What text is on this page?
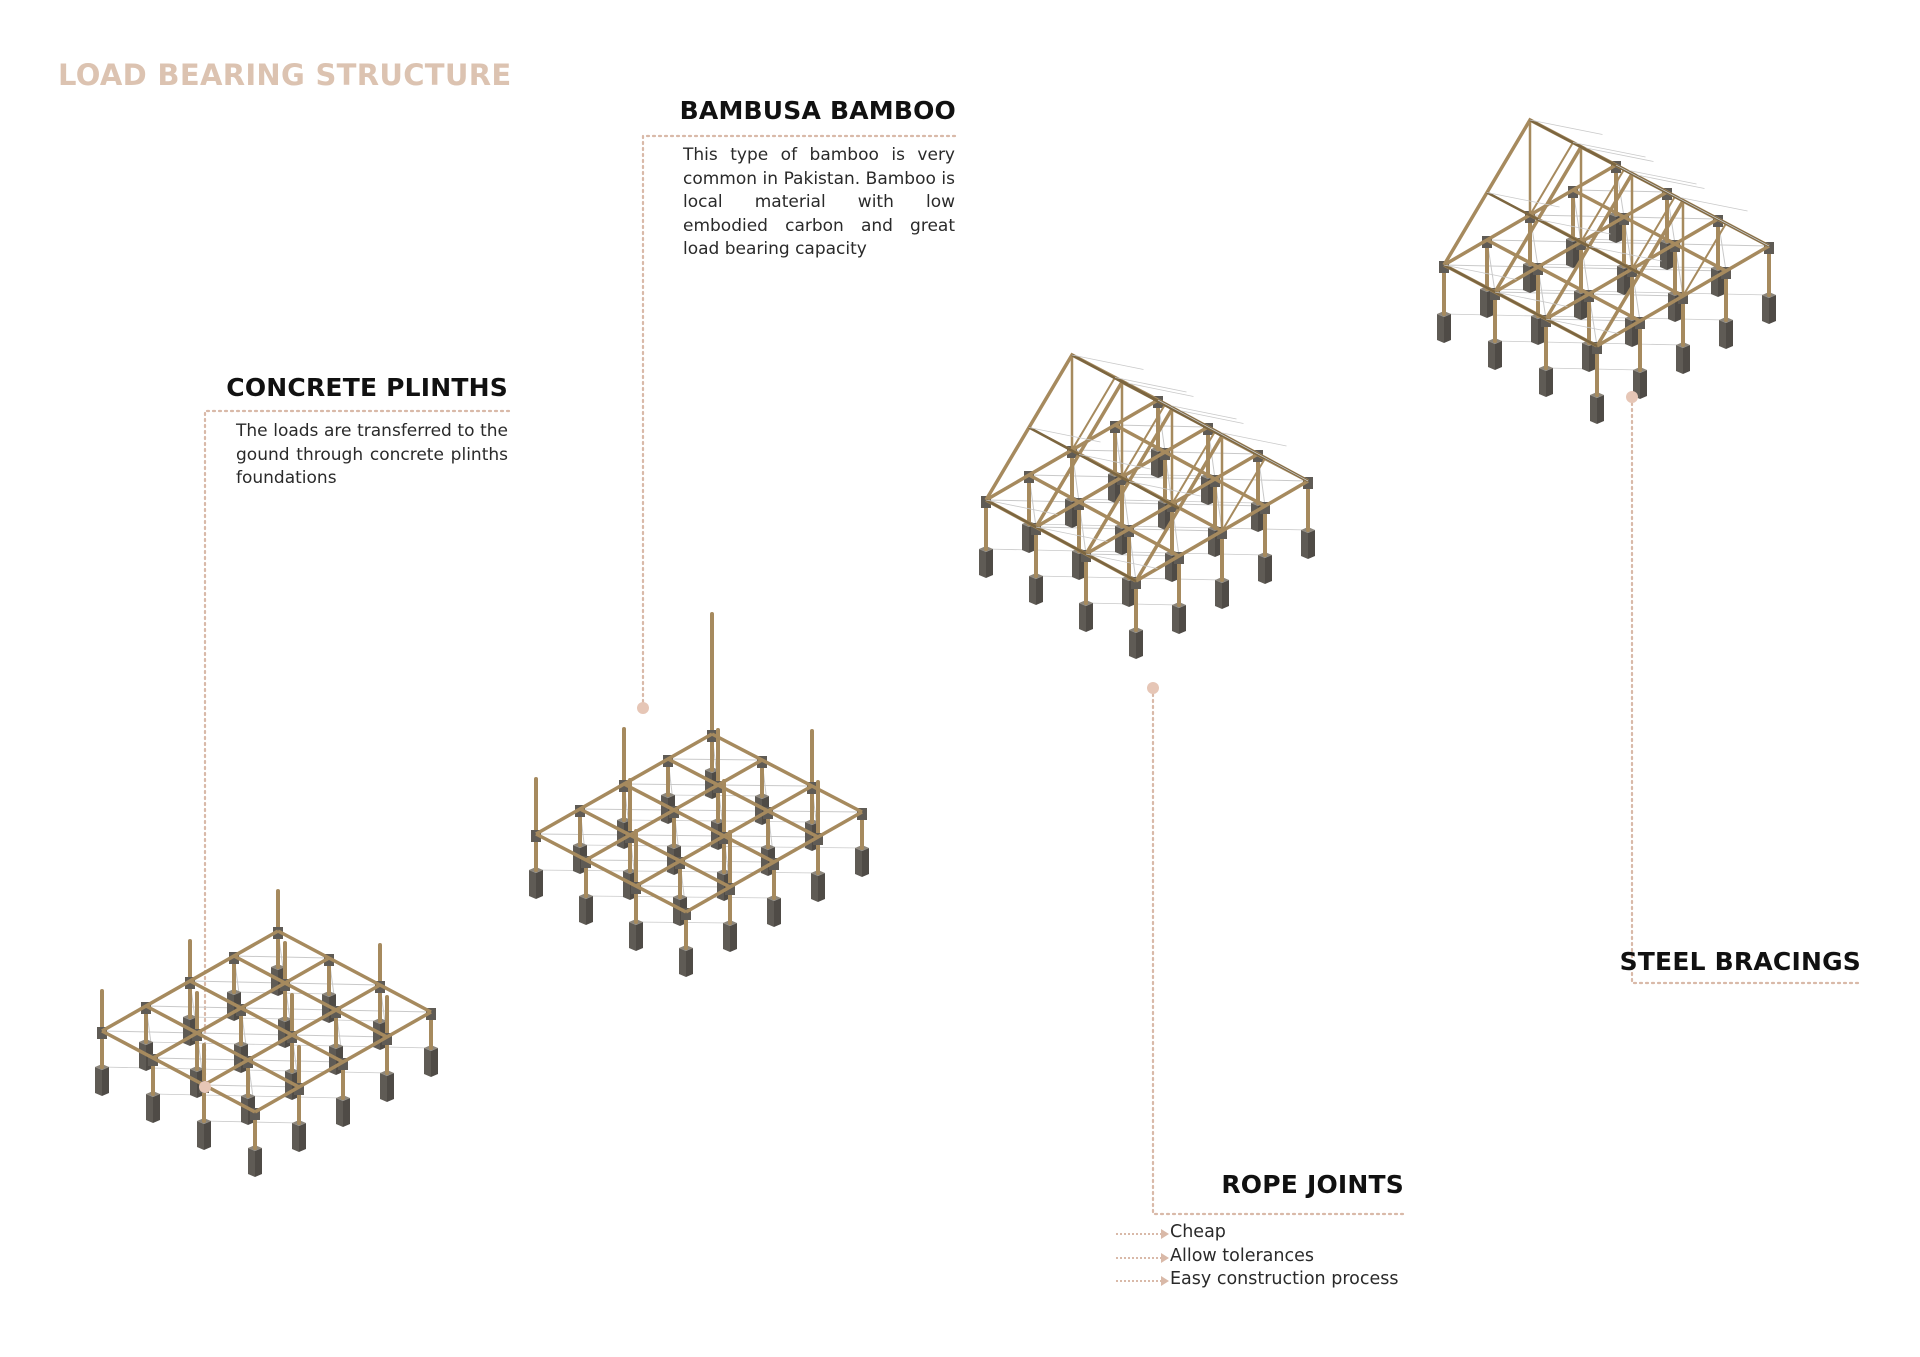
LOAD BEARING STRUCTURE
BAMBUSA BAMBOO

This type of bamboo is very common in Pakistan. Bamboo is local material with low embodied carbon and great load bearing capacity

CONCRETE PLINTHS

The loads are transferred to the gound through concrete plinths foundations

ROPE JOINTS
Cheap
Allow tolerances
Easy construction process
STEEL BRACINGS
